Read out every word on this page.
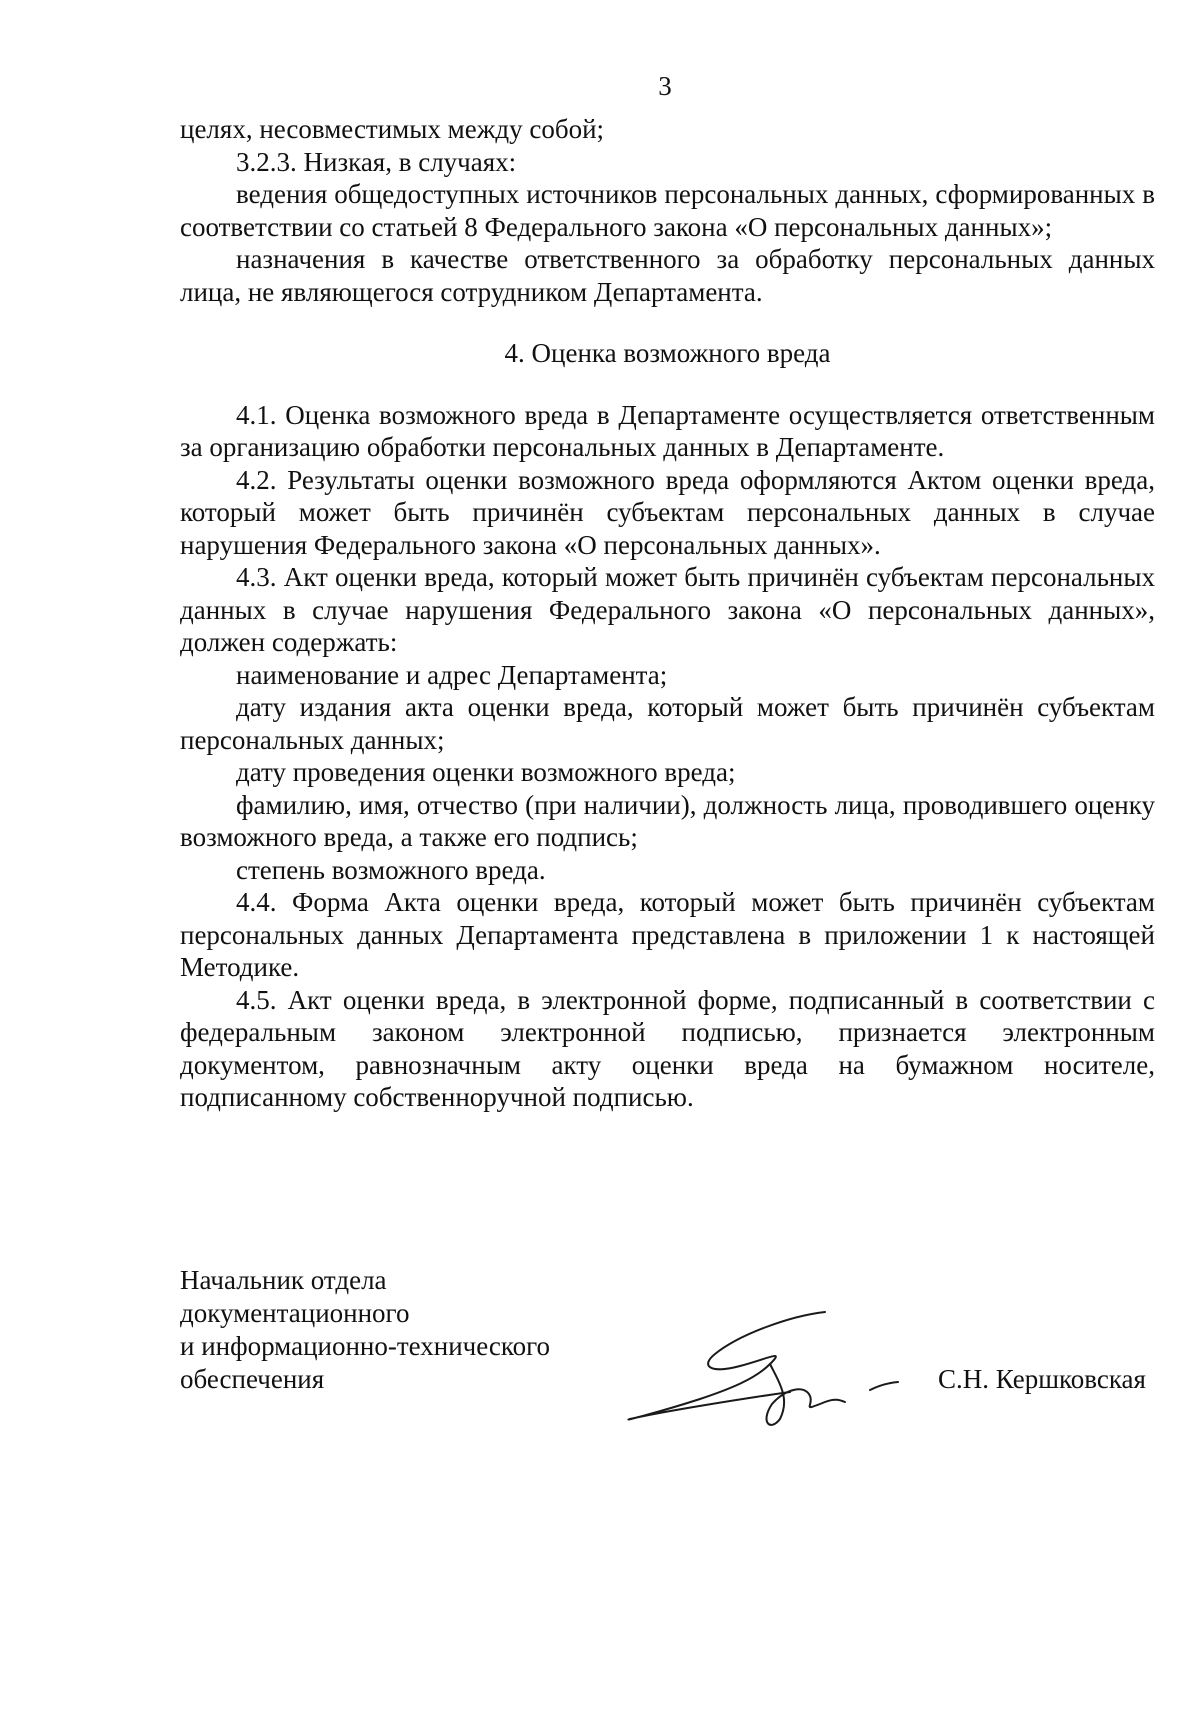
3

целях, несовместимых между собой;

3.2.3. Низкая, в случаях:

ведения общедоступных источников персональных данных, сформированных в соответствии со статьей 8 Федерального закона «О персональных данных»;

назначения в качестве ответственного за обработку персональных данных лица, не являющегося сотрудником Департамента.

4. Оценка возможного вреда

4.1. Оценка возможного вреда в Департаменте осуществляется ответственным за организацию обработки персональных данных в Департаменте.

4.2. Результаты оценки возможного вреда оформляются Актом оценки вреда, который может быть причинён субъектам персональных данных в случае нарушения Федерального закона «О персональных данных».

4.3. Акт оценки вреда, который может быть причинён субъектам персональных данных в случае нарушения Федерального закона «О персональных данных», должен содержать:

наименование и адрес Департамента;

дату издания акта оценки вреда, который может быть причинён субъектам персональных данных;

дату проведения оценки возможного вреда;

фамилию, имя, отчество (при наличии), должность лица, проводившего оценку возможного вреда, а также его подпись;

степень возможного вреда.

4.4. Форма Акта оценки вреда, который может быть причинён субъектам персональных данных Департамента представлена в приложении 1 к настоящей Методике.

4.5. Акт оценки вреда, в электронной форме, подписанный в соответствии с федеральным законом электронной подписью, признается электронным документом, равнозначным акту оценки вреда на бумажном носителе, подписанному собственноручной подписью.

Начальник отдела
документационного
и информационно-технического
обеспечения	С.Н. Кершковская
